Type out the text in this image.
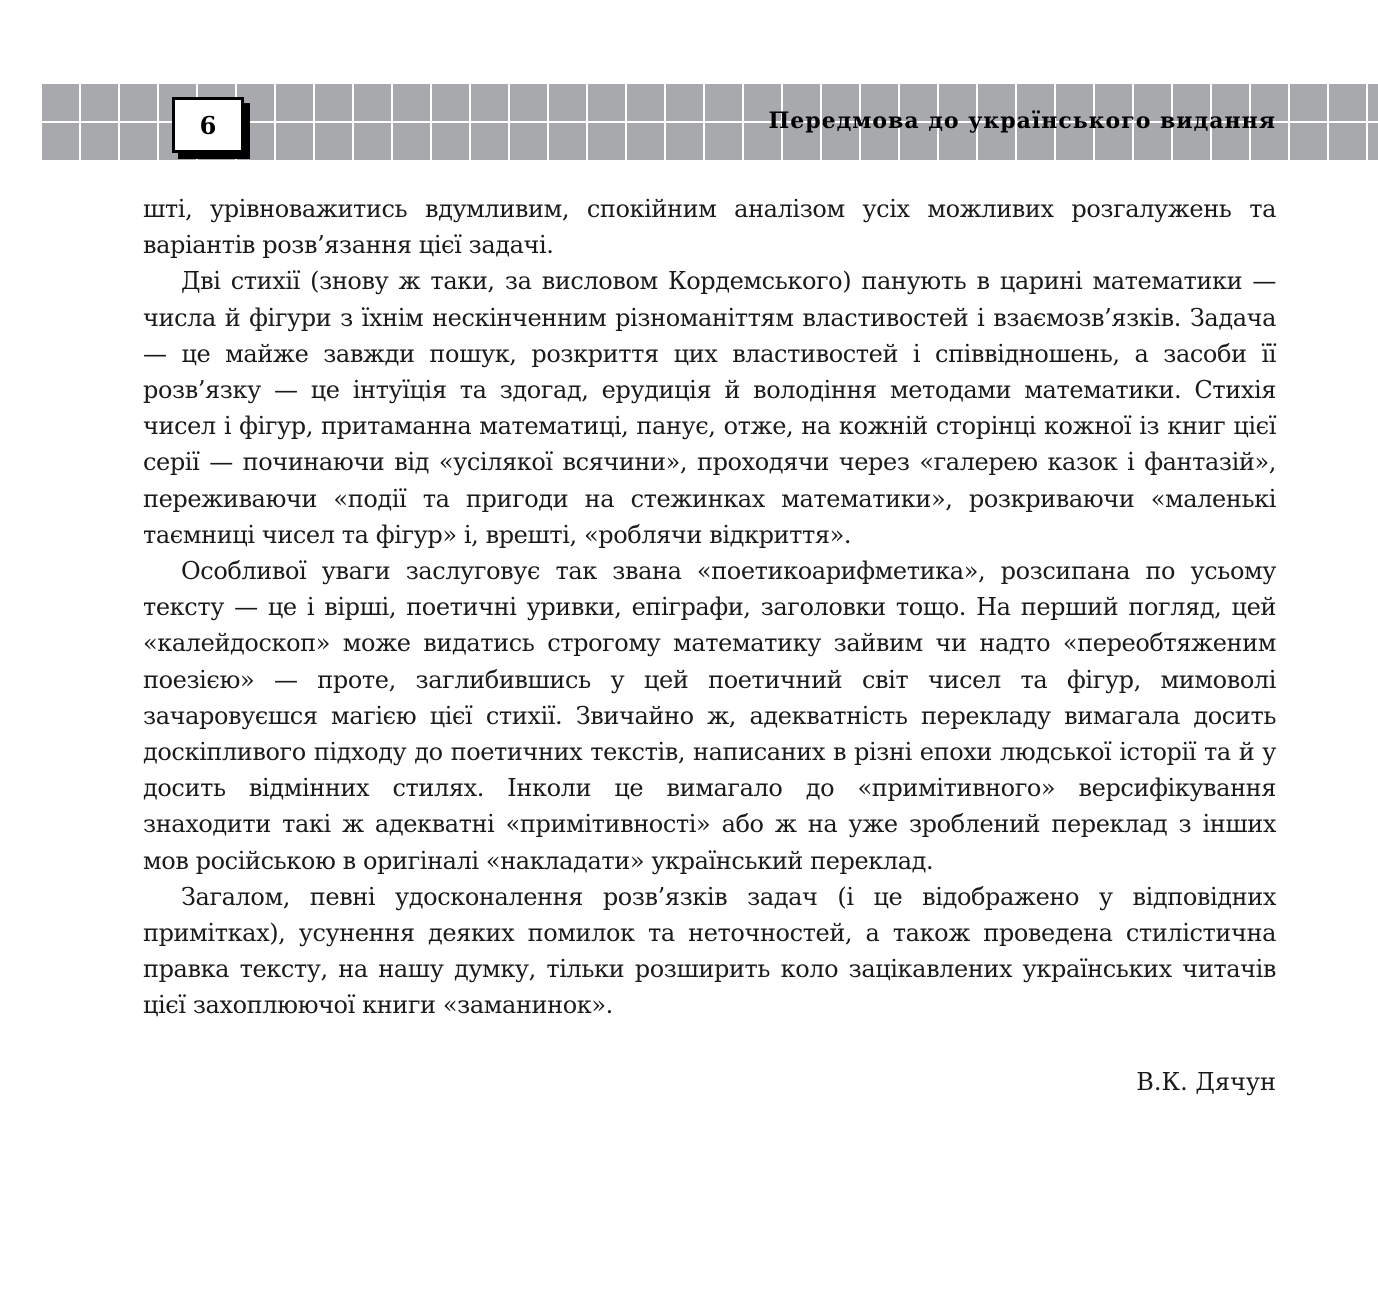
6	Передмова до українського видання

шті, урівноважитись вдумливим, спокійним аналізом усіх можливих розгалужень та варіантів розв’язання цієї задачі.

Дві стихії (знову ж таки, за висловом Кордемського) панують в царині математики — числа й фігури з їхнім нескінченним різноманіттям властивостей і взаємозв’язків. Задача — це майже завжди пошук, розкриття цих властивостей і співвідношень, а засоби її розв’язку — це інтуїція та здогад, ерудиція й володіння методами математики. Стихія чисел і фігур, притаманна математиці, панує, отже, на кожній сторінці кожної із книг цієї серії — починаючи від «усілякої всячини», проходячи через «галерею казок і фантазій», переживаючи «події та пригоди на стежинках математики», розкриваючи «маленькі таємниці чисел та фігур» і, врешті, «роблячи відкриття».

Особливої уваги заслуговує так звана «поетикоарифметика», розсипана по усьому тексту — це і вірші, поетичні уривки, епіграфи, заголовки тощо. На перший погляд, цей «калейдоскоп» може видатись строгому математику зайвим чи надто «переобтяженим поезією» — проте, заглибившись у цей поетичний світ чисел та фігур, мимоволі зачаровуєшся магією цієї стихії. Звичайно ж, адекватність перекладу вимагала досить доскіпливого підходу до поетичних текстів, написаних в різні епохи людської історії та й у досить відмінних стилях. Інколи це вимагало до «примітивного» версифікування знаходити такі ж адекватні «примітивності» або ж на уже зроблений переклад з інших мов російською в оригіналі «накладати» український переклад.

Загалом, певні удосконалення розв’язків задач (і це відображено у відповідних примітках), усунення деяких помилок та неточностей, а також проведена стилістична правка тексту, на нашу думку, тільки розширить коло зацікавлених українських читачів цієї захоплюючої книги «заманинок».

В.К. Дячун
